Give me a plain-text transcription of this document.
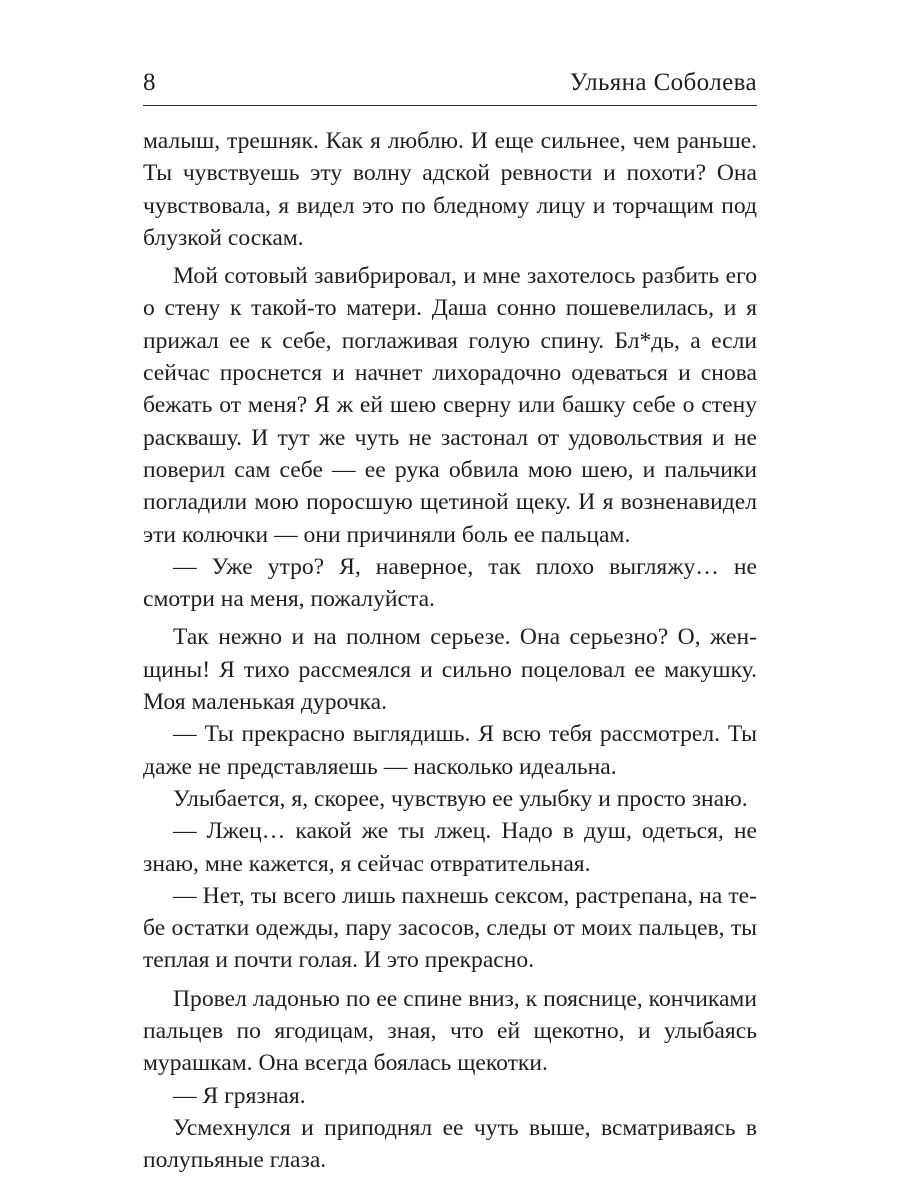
8	Ульяна Соболева

малыш, трешняк. Как я люблю. И еще сильнее, чем раньше. Ты чувствуешь эту волну адской ревности и похоти? Она чувствовала, я видел это по бледному лицу и торчащим под блузкой соскам.

Мой сотовый завибрировал, и мне захотелось разбить его о стену к такой-то матери. Даша сонно пошевелилась, и я прижал ее к себе, поглаживая голую спину. Бл*дь, а если сейчас проснется и начнет лихорадочно одеваться и снова бежать от меня? Я ж ей шею сверну или башку себе о стену расквашу. И тут же чуть не застонал от удовольствия и не поверил сам себе — ее рука обвила мою шею, и пальчики погладили мою поросшую щетиной щеку. И я возненавидел эти колючки — они причиняли боль ее пальцам.

— Уже утро? Я, наверное, так плохо выгляжу… не смотри на меня, пожалуйста.

Так нежно и на полном серьезе. Она серьезно? О, женщины! Я тихо рассмеялся и сильно поцеловал ее макушку. Моя маленькая дурочка.

— Ты прекрасно выглядишь. Я всю тебя рассмотрел. Ты даже не представляешь — насколько идеальна.

Улыбается, я, скорее, чувствую ее улыбку и просто знаю.

— Лжец… какой же ты лжец. Надо в душ, одеться, не знаю, мне кажется, я сейчас отвратительная.

— Нет, ты всего лишь пахнешь сексом, растрепана, на тебе остатки одежды, пару засосов, следы от моих пальцев, ты теплая и почти голая. И это прекрасно.

Провел ладонью по ее спине вниз, к пояснице, кончиками пальцев по ягодицам, зная, что ей щекотно, и улыбаясь мурашкам. Она всегда боялась щекотки.

— Я грязная.

Усмехнулся и приподнял ее чуть выше, всматриваясь в полупьяные глаза.
